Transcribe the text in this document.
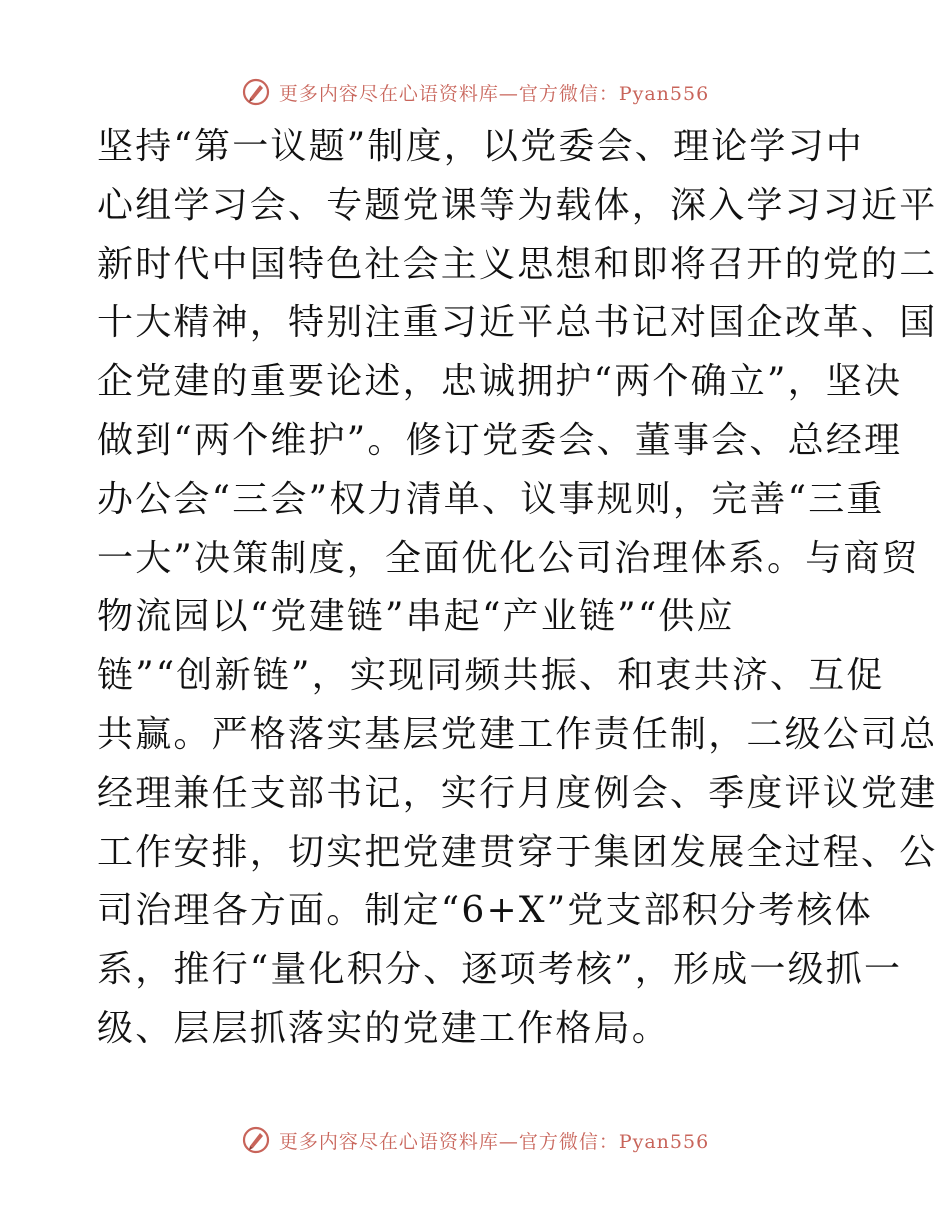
更多内容尽在心语资料库—官方微信：Pyan556
坚持“第一议题”制度，以党委会、理论学习中
心组学习会、专题党课等为载体，深入学习习近平
新时代中国特色社会主义思想和即将召开的党的二
十大精神，特别注重习近平总书记对国企改革、国
企党建的重要论述，忠诚拥护“两个确立”，坚决
做到“两个维护”。修订党委会、董事会、总经理
办公会“三会”权力清单、议事规则，完善“三重
一大”决策制度，全面优化公司治理体系。与商贸
物流园以“党建链”串起“产业链”“供应
链”“创新链”，实现同频共振、和衷共济、互促
共赢。严格落实基层党建工作责任制，二级公司总
经理兼任支部书记，实行月度例会、季度评议党建
工作安排，切实把党建贯穿于集团发展全过程、公
司治理各方面。制定“6+X”党支部积分考核体
系，推行“量化积分、逐项考核”，形成一级抓一
级、层层抓落实的党建工作格局。
更多内容尽在心语资料库—官方微信：Pyan556
